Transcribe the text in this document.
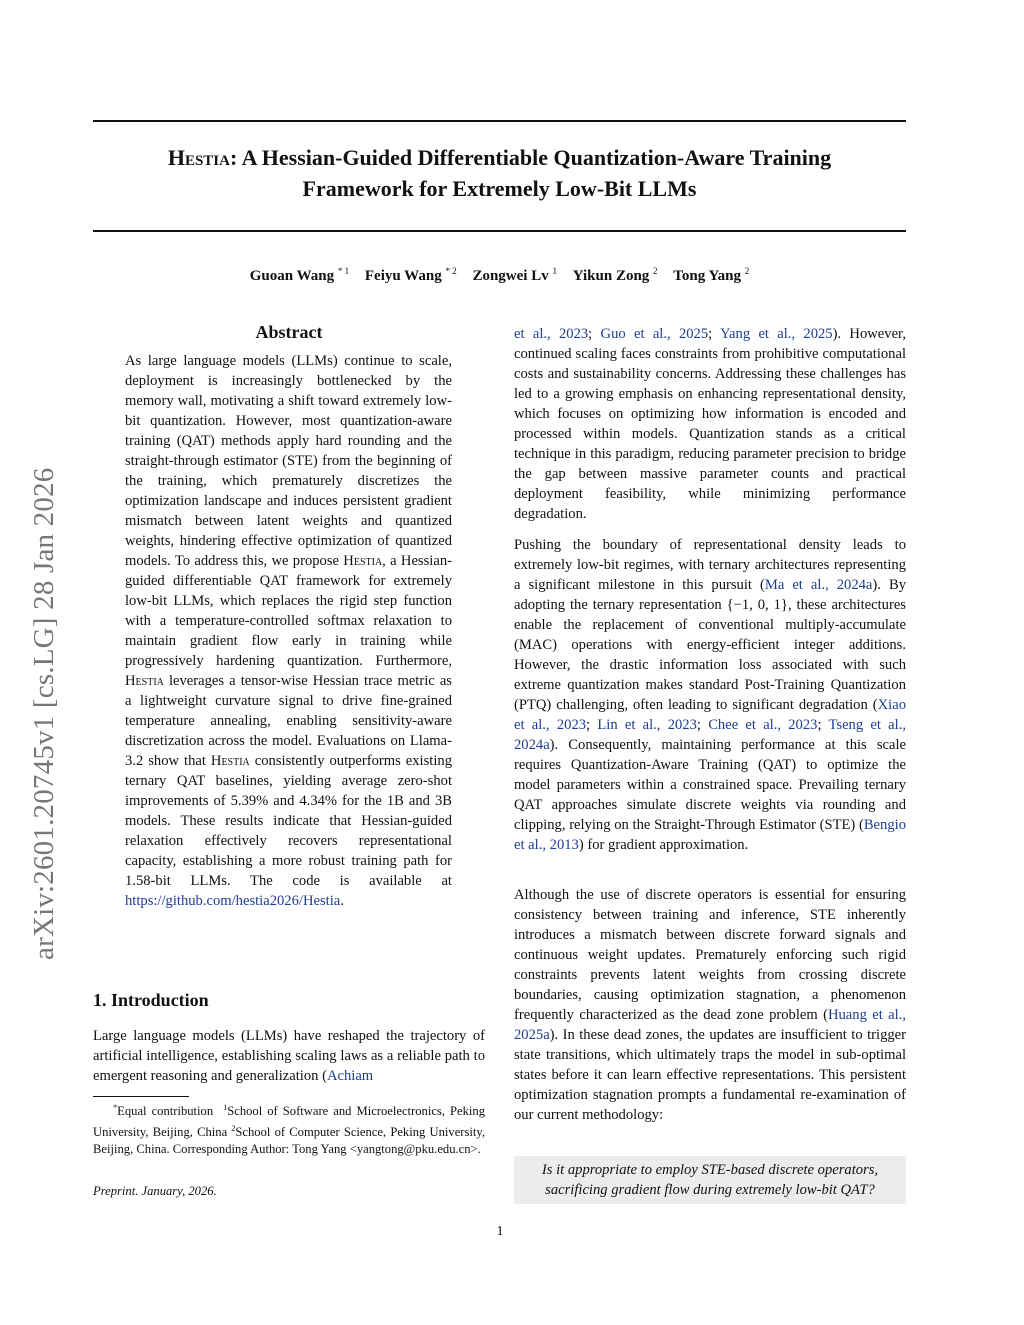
Hestia: A Hessian-Guided Differentiable Quantization-Aware Training
Framework for Extremely Low-Bit LLMs
Guoan Wang $^{* 1}$ Feiyu Wang $^{* 2}$ Zongwei Lv $^1$ Yikun Zong $^2$ Tong Yang $^2$
arXiv:2601.20745v1 [cs.LG] 28 Jan 2026
Abstract
As large language models (LLMs) continue to scale, deployment is increasingly bottlenecked by the memory wall, motivating a shift toward extremely low-bit quantization. However, most quantization-aware training (QAT) methods apply hard rounding and the straight-through estimator (STE) from the beginning of the training, which prematurely discretizes the optimization landscape and induces persistent gradient mismatch between latent weights and quantized weights, hindering effective optimization of quantized models. To address this, we propose Hestia, a Hessian-guided differentiable QAT framework for extremely low-bit LLMs, which replaces the rigid step function with a temperature-controlled softmax relaxation to maintain gradient flow early in training while progressively hardening quantization. Furthermore, Hestia leverages a tensor-wise Hessian trace metric as a lightweight curvature signal to drive fine-grained temperature annealing, enabling sensitivity-aware discretization across the model. Evaluations on Llama-3.2 show that Hestia consistently outperforms existing ternary QAT baselines, yielding average zero-shot improvements of 5.39% and 4.34% for the 1B and 3B models. These results indicate that Hessian-guided relaxation effectively recovers representational capacity, establishing a more robust training path for 1.58-bit LLMs. The code is available at https://github.com/hestia2026/Hestia.
1. Introduction
Large language models (LLMs) have reshaped the trajectory of artificial intelligence, establishing scaling laws as a reliable path to emergent reasoning and generalization (Achiam
*Equal contribution $^1$School of Software and Microelectronics, Peking University, Beijing, China $^2$School of Computer Science, Peking University, Beijing, China. Corresponding Author: Tong Yang <yangtong@pku.edu.cn>.
Preprint. January, 2026.
et al., 2023; Guo et al., 2025; Yang et al., 2025). However, continued scaling faces constraints from prohibitive computational costs and sustainability concerns. Addressing these challenges has led to a growing emphasis on enhancing representational density, which focuses on optimizing how information is encoded and processed within models. Quantization stands as a critical technique in this paradigm, reducing parameter precision to bridge the gap between massive parameter counts and practical deployment feasibility, while minimizing performance degradation.
Pushing the boundary of representational density leads to extremely low-bit regimes, with ternary architectures representing a significant milestone in this pursuit (Ma et al., 2024a). By adopting the ternary representation {−1, 0, 1}, these architectures enable the replacement of conventional multiply-accumulate (MAC) operations with energy-efficient integer additions. However, the drastic information loss associated with such extreme quantization makes standard Post-Training Quantization (PTQ) challenging, often leading to significant degradation (Xiao et al., 2023; Lin et al., 2023; Chee et al., 2023; Tseng et al., 2024a). Consequently, maintaining performance at this scale requires Quantization-Aware Training (QAT) to optimize the model parameters within a constrained space. Prevailing ternary QAT approaches simulate discrete weights via rounding and clipping, relying on the Straight-Through Estimator (STE) (Bengio et al., 2013) for gradient approximation.
Although the use of discrete operators is essential for ensuring consistency between training and inference, STE inherently introduces a mismatch between discrete forward signals and continuous weight updates. Prematurely enforcing such rigid constraints prevents latent weights from crossing discrete boundaries, causing optimization stagnation, a phenomenon frequently characterized as the dead zone problem (Huang et al., 2025a). In these dead zones, the updates are insufficient to trigger state transitions, which ultimately traps the model in sub-optimal states before it can learn effective representations. This persistent optimization stagnation prompts a fundamental re-examination of our current methodology:
Is it appropriate to employ STE-based discrete operators,
sacrificing gradient flow during extremely low-bit QAT?
1
